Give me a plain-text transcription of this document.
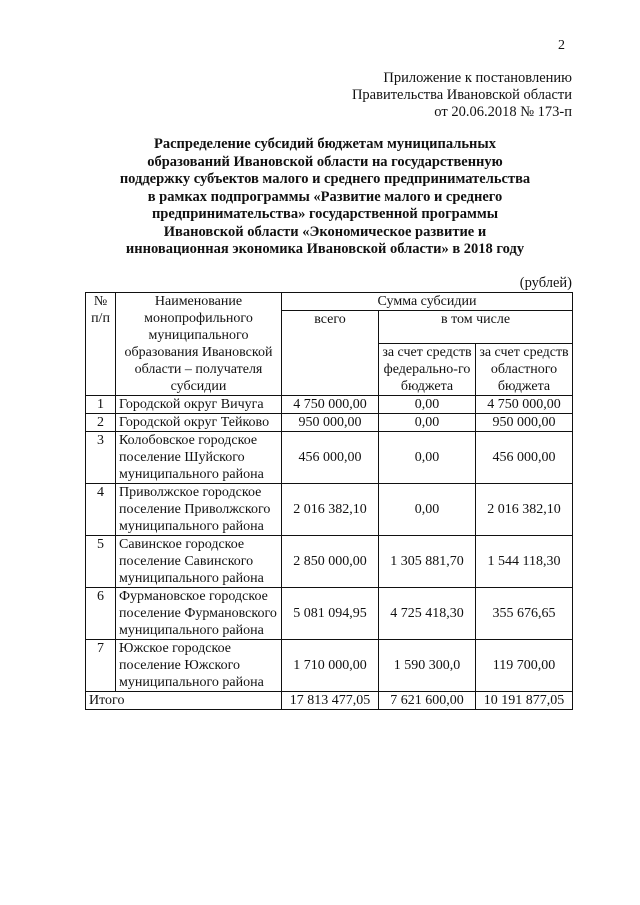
2
Приложение к постановлению
Правительства Ивановской области
от 20.06.2018 № 173-п
Распределение субсидий бюджетам муниципальных
образований Ивановской области на государственную
поддержку субъектов малого и среднего предпринимательства
в рамках подпрограммы «Развитие малого и среднего
предпринимательства» государственной программы
Ивановской области «Экономическое развитие и
инновационная экономика Ивановской области» в 2018 году
(рублей)
№ п/п	Наименование монопрофильного муниципального образования Ивановской области – получателя субсидии	Сумма субсидии		
		всего	в том числе	
			за счет средств федерально-го бюджета	за счет средств областного бюджета
1	Городской округ Вичуга	4 750 000,00	0,00	4 750 000,00
2	Городской округ Тейково	950 000,00	0,00	950 000,00
3	Колобовское городское поселение Шуйского муниципального района	456 000,00	0,00	456 000,00
4	Приволжское городское поселение Приволжского муниципального района	2 016 382,10	0,00	2 016 382,10
5	Савинское городское поселение Савинского муниципального района	2 850 000,00	1 305 881,70	1 544 118,30
6	Фурмановское городское поселение Фурмановского муниципального района	5 081 094,95	4 725 418,30	355 676,65
7	Южское городское поселение Южского муниципального района	1 710 000,00	1 590 300,0	119 700,00
Итого		17 813 477,05	7 621 600,00	10 191 877,05
